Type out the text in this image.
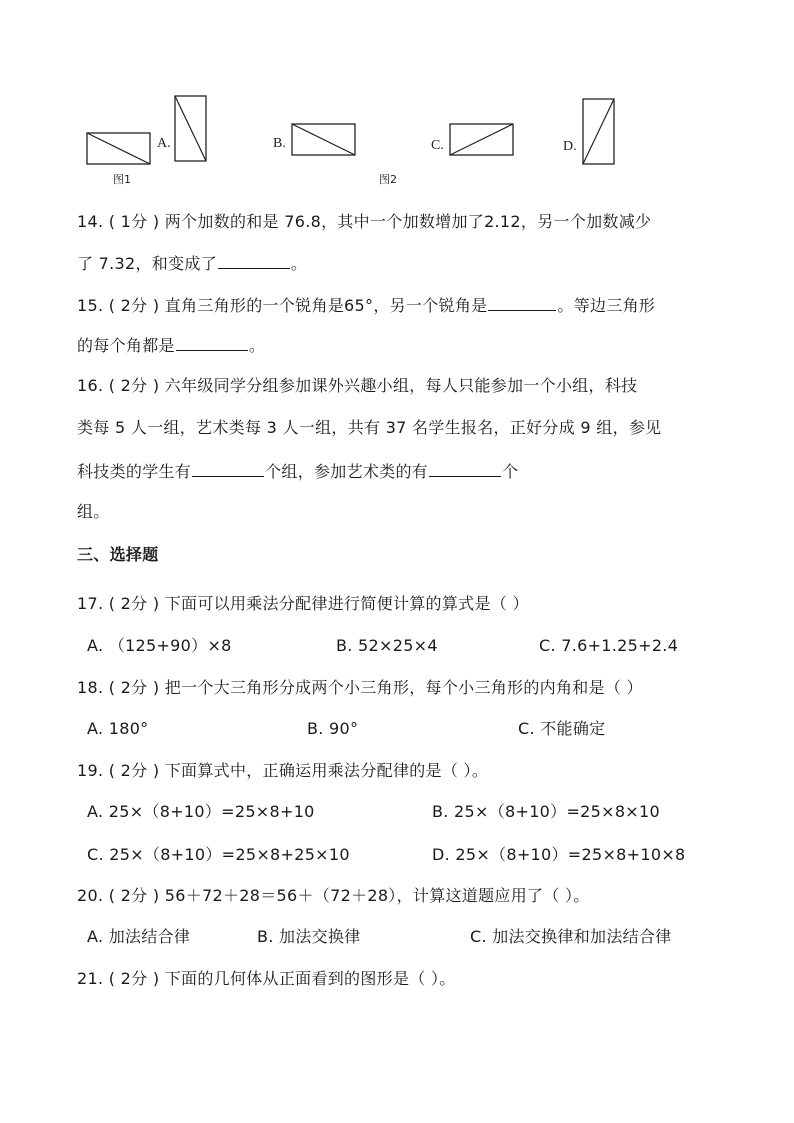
图1
A.	B.
图2
C.	D.
14. ( 1分 ) 两个加数的和是 76.8，其中一个加数增加了2.12，另一个加数减少
了 7.32，和变成了	。
15. ( 2分 ) 直角三角形的一个锐角是65°，另一个锐角是	。等边三角形
的每个角都是	。
16. ( 2分 ) 六年级同学分组参加课外兴趣小组，每人只能参加一个小组，科技
类每 5 人一组，艺术类每 3 人一组，共有 37 名学生报名，正好分成 9 组，参见
科技类的学生有	个组，参加艺术类的有	个
组。
三、选择题
17. ( 2分 ) 下面可以用乘法分配律进行简便计算的算式是（ ）
A. （125+90）×8	B. 52×25×4	C. 7.6+1.25+2.4
18. ( 2分 ) 把一个大三角形分成两个小三角形，每个小三角形的内角和是（ ）
A. 180°	B. 90°	C. 不能确定
19. ( 2分 ) 下面算式中，正确运用乘法分配律的是（ ）。
A. 25×（8+10）=25×8+10	B. 25×（8+10）=25×8×10
C. 25×（8+10）=25×8+25×10	D. 25×（8+10）=25×8+10×8
20. ( 2分 ) 56＋72＋28＝56＋（72＋28），计算这道题应用了（ ）。
A. 加法结合律	B. 加法交换律	C. 加法交换律和加法结合律
21. ( 2分 ) 下面的几何体从正面看到的图形是（ ）。
